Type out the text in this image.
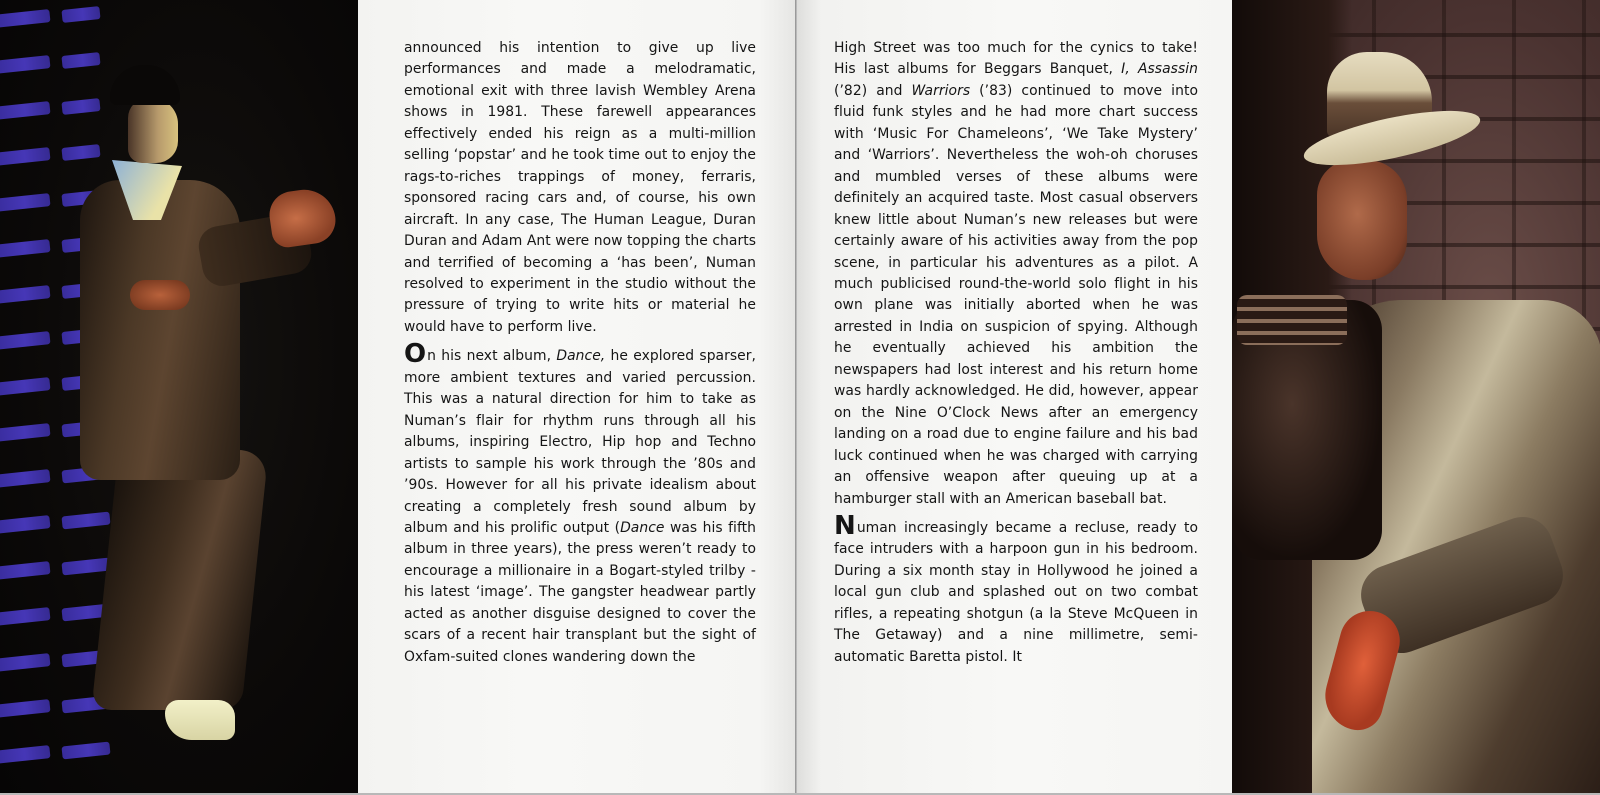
announced his intention to give up live performances and made a melodramatic, emotional exit with three lavish Wembley Arena shows in 1981. These farewell appearances effectively ended his reign as a multi-million selling ‘popstar’ and he took time out to enjoy the rags-to-riches trappings of money, ferraris, sponsored racing cars and, of course, his own aircraft. In any case, The Human League, Duran Duran and Adam Ant were now topping the charts and terrified of becoming a ‘has been’, Numan resolved to experiment in the studio without the pressure of trying to write hits or material he would have to perform live.

On his next album, Dance, he explored sparser, more ambient textures and varied percussion. This was a natural direction for him to take as Numan’s flair for rhythm runs through all his albums, inspiring Electro, Hip hop and Techno artists to sample his work through the ’80s and ’90s. However for all his private idealism about creating a completely fresh sound album by album and his prolific output (Dance was his fifth album in three years), the press weren’t ready to encourage a millionaire in a Bogart-styled trilby - his latest ‘image’. The gangster headwear partly acted as another disguise designed to cover the scars of a recent hair transplant but the sight of Oxfam-suited clones wandering down the

High Street was too much for the cynics to take! His last albums for Beggars Banquet, I, Assassin (’82) and Warriors (’83) continued to move into fluid funk styles and he had more chart success with ‘Music For Chameleons’, ‘We Take Mystery’ and ‘Warriors’. Nevertheless the woh-oh choruses and mumbled verses of these albums were definitely an acquired taste. Most casual observers knew little about Numan’s new releases but were certainly aware of his activities away from the pop scene, in particular his adventures as a pilot. A much publicised round-the-world solo flight in his own plane was initially aborted when he was arrested in India on suspicion of spying. Although he eventually achieved his ambition the newspapers had lost interest and his return home was hardly acknowledged. He did, however, appear on the Nine O’Clock News after an emergency landing on a road due to engine failure and his bad luck continued when he was charged with carrying an offensive weapon after queuing up at a hamburger stall with an American baseball bat.

Numan increasingly became a recluse, ready to face intruders with a harpoon gun in his bedroom. During a six month stay in Hollywood he joined a local gun club and splashed out on two combat rifles, a repeating shotgun (a la Steve McQueen in The Getaway) and a nine millimetre, semi-automatic Baretta pistol. It
